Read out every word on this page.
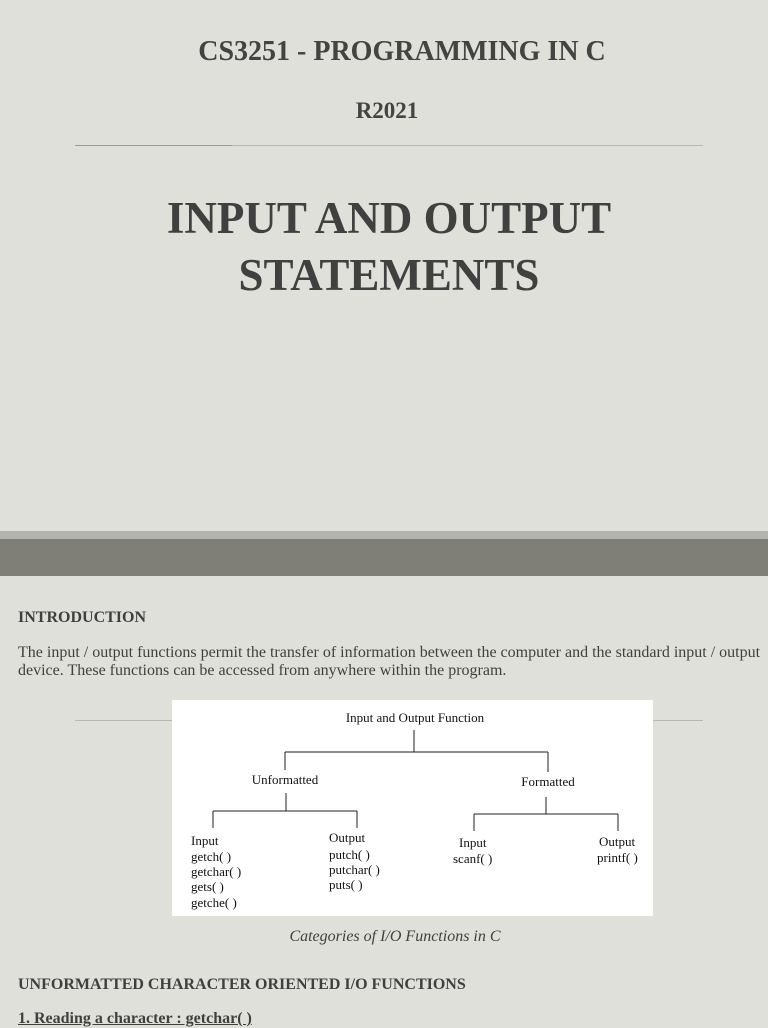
CS3251 - PROGRAMMING IN C
R2021
INPUT AND OUTPUT
STATEMENTS
INTRODUCTION

The input / output functions permit the transfer of information between the computer and the standard input / output device. These functions can be accessed from anywhere within the program.

Input and Output Function
Unformatted	Formatted
Input
getch( )
getchar( )
gets( )
getche( )
Output
putch( )
putchar( )
puts( )
Input
scanf( )
Output
printf( )
Categories of I/O Functions in C
UNFORMATTED CHARACTER ORIENTED I/O FUNCTIONS
1. Reading a character : getchar( )
